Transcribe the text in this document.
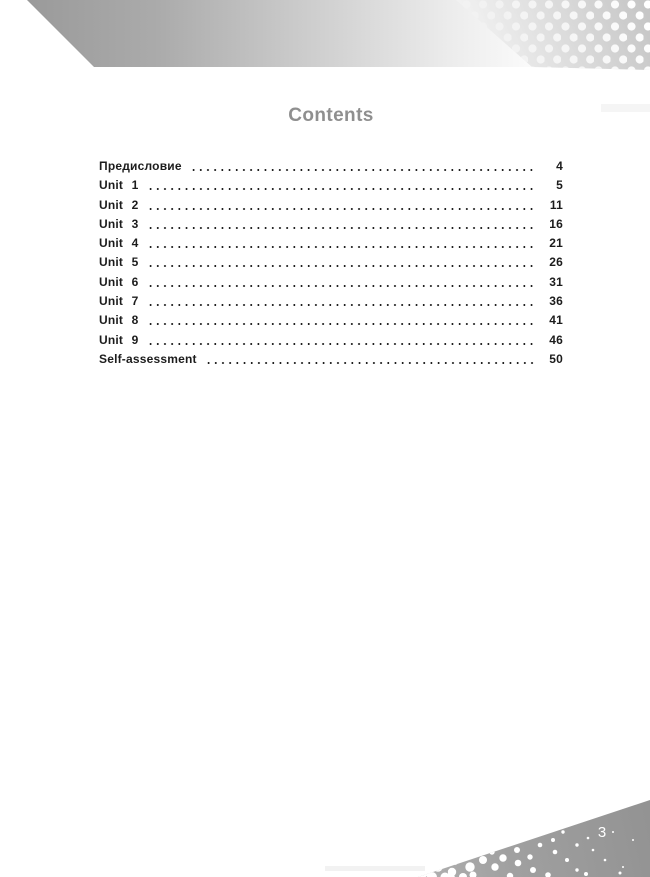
Contents
Предисловие	4
Unit 1	5
Unit 2	11
Unit 3	16
Unit 4	21
Unit 5	26
Unit 6	31
Unit 7	36
Unit 8	41
Unit 9	46
Self-assessment	50
3
